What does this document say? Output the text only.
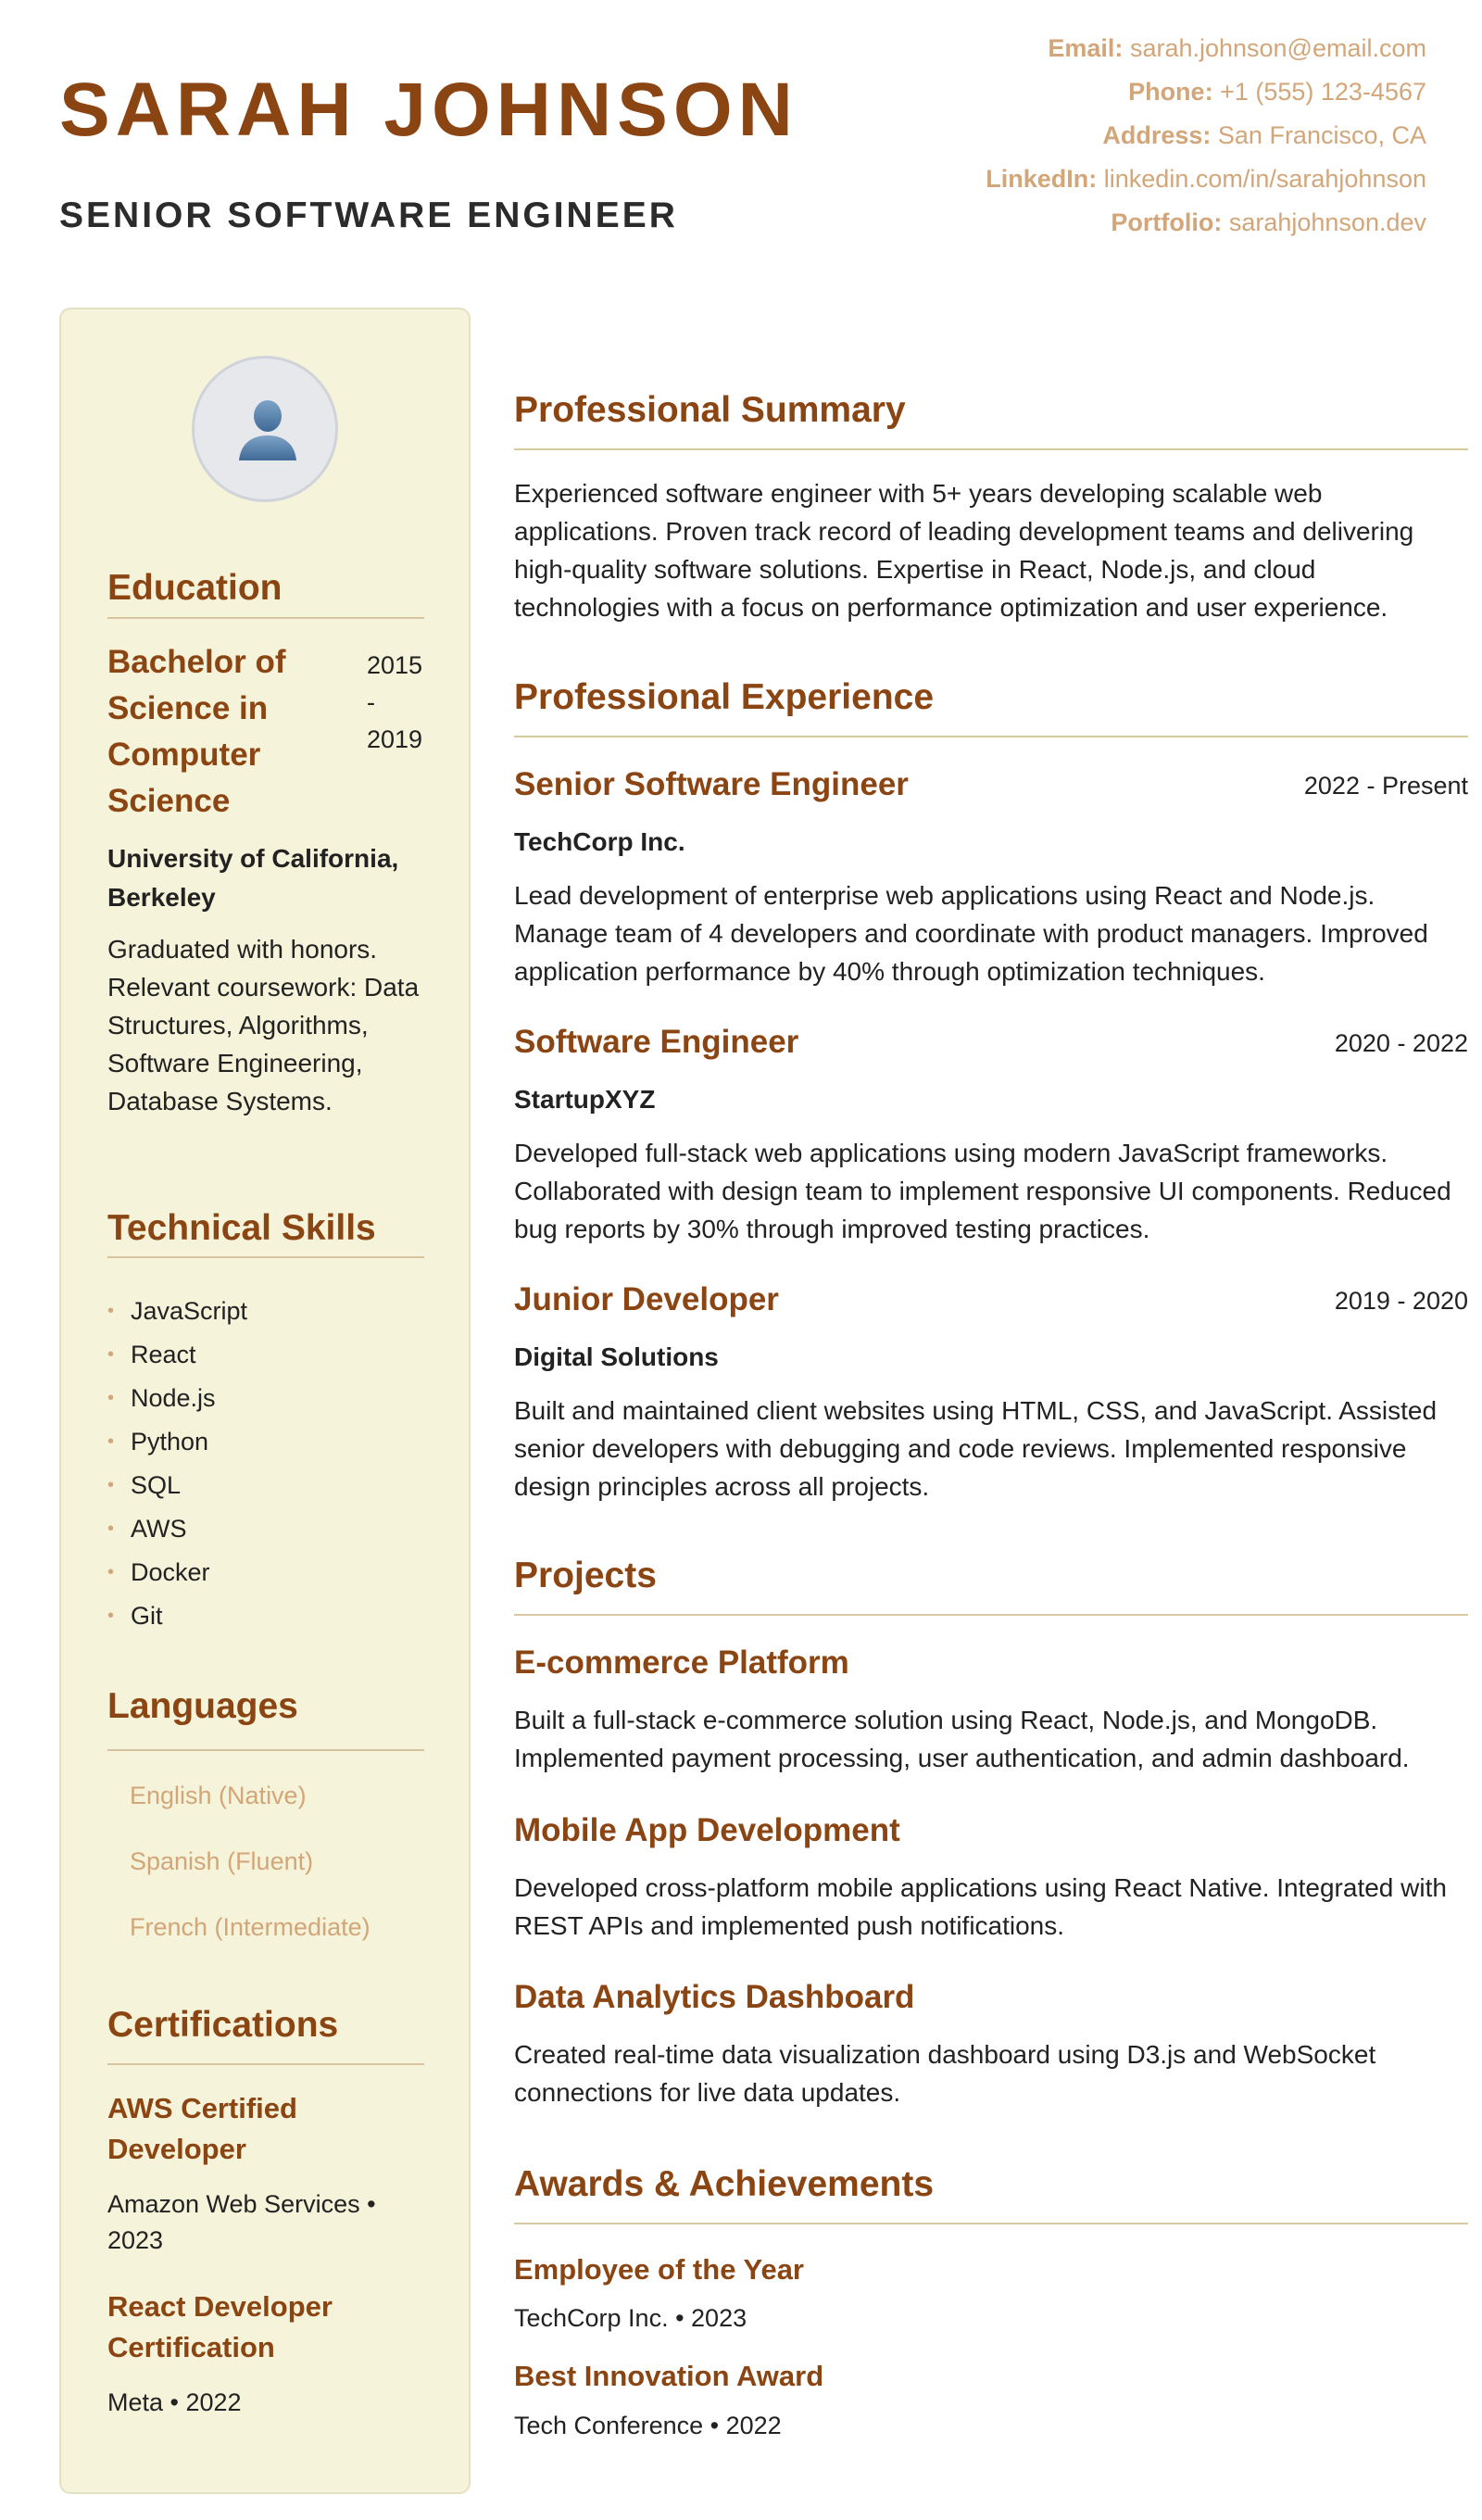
SARAH JOHNSON
SENIOR SOFTWARE ENGINEER
Email: sarah.johnson@email.com
Phone: +1 (555) 123-4567
Address: San Francisco, CA
LinkedIn: linkedin.com/in/sarahjohnson
Portfolio: sarahjohnson.dev
Education
Bachelor of Science in Computer Science
2015 - 2019
University of California, Berkeley
Graduated with honors. Relevant coursework: Data Structures, Algorithms, Software Engineering, Database Systems.
Technical Skills
• JavaScript
• React
• Node.js
• Python
• SQL
• AWS
• Docker
• Git
Languages
English (Native)
Spanish (Fluent)
French (Intermediate)
Certifications
AWS Certified Developer
Amazon Web Services • 2023
React Developer Certification
Meta • 2022
Professional Summary
Experienced software engineer with 5+ years developing scalable web applications. Proven track record of leading development teams and delivering high-quality software solutions. Expertise in React, Node.js, and cloud technologies with a focus on performance optimization and user experience.
Professional Experience
Senior Software Engineer	2022 - Present
TechCorp Inc.
Lead development of enterprise web applications using React and Node.js. Manage team of 4 developers and coordinate with product managers. Improved application performance by 40% through optimization techniques.
Software Engineer	2020 - 2022
StartupXYZ
Developed full-stack web applications using modern JavaScript frameworks. Collaborated with design team to implement responsive UI components. Reduced bug reports by 30% through improved testing practices.
Junior Developer	2019 - 2020
Digital Solutions
Built and maintained client websites using HTML, CSS, and JavaScript. Assisted senior developers with debugging and code reviews. Implemented responsive design principles across all projects.
Projects
E-commerce Platform
Built a full-stack e-commerce solution using React, Node.js, and MongoDB. Implemented payment processing, user authentication, and admin dashboard.
Mobile App Development
Developed cross-platform mobile applications using React Native. Integrated with REST APIs and implemented push notifications.
Data Analytics Dashboard
Created real-time data visualization dashboard using D3.js and WebSocket connections for live data updates.
Awards & Achievements
Employee of the Year
TechCorp Inc. • 2023
Best Innovation Award
Tech Conference • 2022
